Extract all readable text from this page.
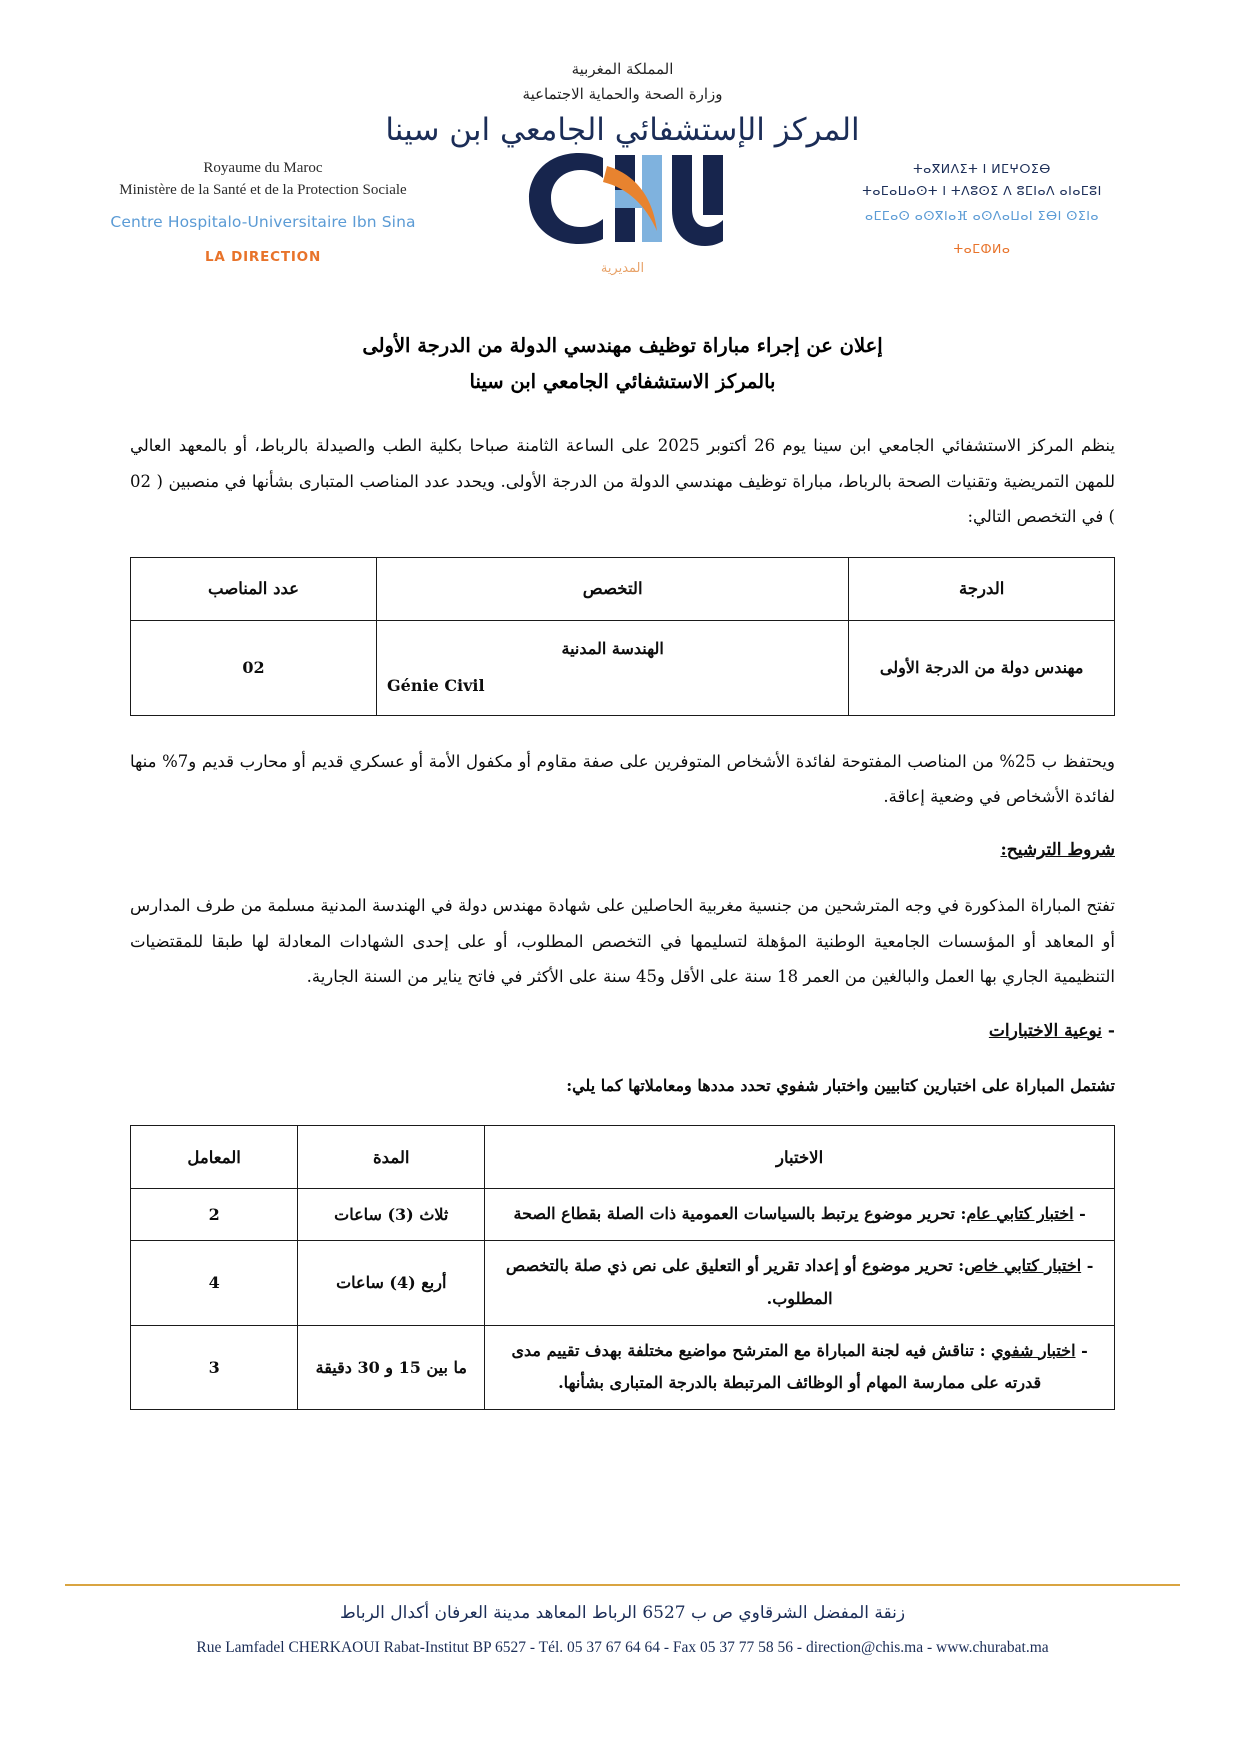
المملكة المغربية
وزارة الصحة والحماية الاجتماعية
المركز الإستشفائي الجامعي ابن سينا
ⵜⴰⴳⵍⴷⵉⵜ ⵏ ⵍⵎⵖⵔⵉⴱ
ⵜⴰⵎⴰⵡⴰⵙⵜ ⵏ ⵜⴷⵓⵙⵉ ⴷ ⵓⵎⵏⴰⴷ ⴰⵏⴰⵎⵓⵏ
ⴰⵎⵎⴰⵙ ⴰⵙⴳⵏⴰⴼ ⴰⵙⴷⴰⵡⴰⵏ ⵉⴱⵏ ⵙⵉⵏⴰ
ⵜⴰⵎⵀⵍⴰ
المديرية
Royaume du Maroc
Ministère de la Santé et de la Protection Sociale
Centre Hospitalo-Universitaire Ibn Sina
LA DIRECTION
إعلان عن إجراء مباراة توظيف مهندسي الدولة من الدرجة الأولى
بالمركز الاستشفائي الجامعي ابن سينا

ينظم المركز الاستشفائي الجامعي ابن سينا يوم 26 أكتوبر 2025 على الساعة الثامنة صباحا بكلية الطب والصيدلة بالرباط، أو بالمعهد العالي للمهن التمريضية وتقنيات الصحة بالرباط، مباراة توظيف مهندسي الدولة من الدرجة الأولى. ويحدد عدد المناصب المتبارى بشأنها في منصبين ( 02 ) في التخصص التالي:

الدرجة	التخصص	عدد المناصب
مهندس دولة من الدرجة الأولى	الهندسة المدنية
Génie Civil	02

ويحتفظ ب 25% من المناصب المفتوحة لفائدة الأشخاص المتوفرين على صفة مقاوم أو مكفول الأمة أو عسكري قديم أو محارب قديم و7% منها لفائدة الأشخاص في وضعية إعاقة.

شروط الترشيح:

تفتح المباراة المذكورة في وجه المترشحين من جنسية مغربية الحاصلين على شهادة مهندس دولة في الهندسة المدنية مسلمة من طرف المدارس أو المعاهد أو المؤسسات الجامعية الوطنية المؤهلة لتسليمها في التخصص المطلوب، أو على إحدى الشهادات المعادلة لها طبقا للمقتضيات التنظيمية الجاري بها العمل والبالغين من العمر 18 سنة على الأقل و45 سنة على الأكثر في فاتح يناير من السنة الجارية.

- نوعية الاختبارات

تشتمل المباراة على اختبارين كتابيين واختبار شفوي تحدد مددها ومعاملاتها كما يلي:

الاختبار	المدة	المعامل
- اختبار كتابي عام: تحرير موضوع يرتبط بالسياسات العمومية ذات الصلة بقطاع الصحة	ثلاث (3) ساعات	2
- اختبار كتابي خاص: تحرير موضوع أو إعداد تقرير أو التعليق على نص ذي صلة بالتخصص المطلوب.	أربع (4) ساعات	4
- اختبار شفوي : تناقش فيه لجنة المباراة مع المترشح مواضيع مختلفة بهدف تقييم مدى قدرته على ممارسة المهام أو الوظائف المرتبطة بالدرجة المتبارى بشأنها.	ما بين 15 و 30 دقيقة	3
زنقة المفضل الشرقاوي ص ب 6527 الرباط المعاهد مدينة العرفان أكدال الرباط
Rue Lamfadel CHERKAOUI Rabat-Institut BP 6527 - Tél. 05 37 67 64 64 - Fax 05 37 77 58 56 - direction@chis.ma - www.churabat.ma
